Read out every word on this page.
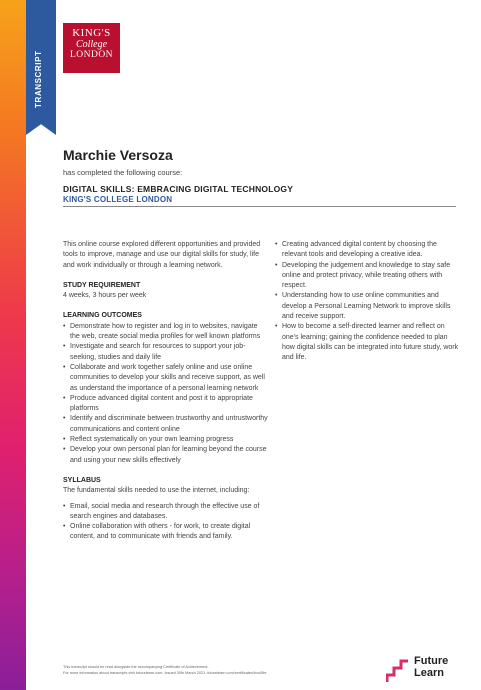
TRANSCRIPT
KING'S
College
LONDON
Marchie Versoza
has completed the following course:
DIGITAL SKILLS: EMBRACING DIGITAL TECHNOLOGY
KING'S COLLEGE LONDON

This online course explored different opportunities and provided tools to improve, manage and use our digital skills for study, life and work individually or through a learning network.

STUDY REQUIREMENT

4 weeks, 3 hours per week

LEARNING OUTCOMES

• Demonstrate how to register and log in to websites, navigate the web, create social media profiles for well known platforms
• Investigate and search for resources to support your job-seeking, studies and daily life
• Collaborate and work together safely online and use online communities to develop your skills and receive support, as well as understand the importance of a personal learning network
• Produce advanced digital content and post it to appropriate platforms
• Identify and discriminate between trustworthy and untrustworthy communications and content online
• Reflect systematically on your own learning progress
• Develop your own personal plan for learning beyond the course and using your new skills effectively

SYLLABUS

The fundamental skills needed to use the internet, including:

• Email, social media and research through the effective use of search engines and databases.
• Online collaboration with others - for work, to create digital content, and to communicate with friends and family.
• Creating advanced digital content by choosing the relevant tools and developing a creative idea.
• Developing the judgement and knowledge to stay safe online and protect privacy, while treating others with respect.
• Understanding how to use online communities and develop a Personal Learning Network to improve skills and receive support.
• How to become a self-directed learner and reflect on one's learning; gaining the confidence needed to plan how digital skills can be integrated into future study, work and life.
This transcript should be read alongside the accompanying Certificate of Achievement.
For more information about transcripts visit futurelearn.com. Issued 30th March 2021. futurelearn.com/certificates/hxo0fte
Future
Learn
